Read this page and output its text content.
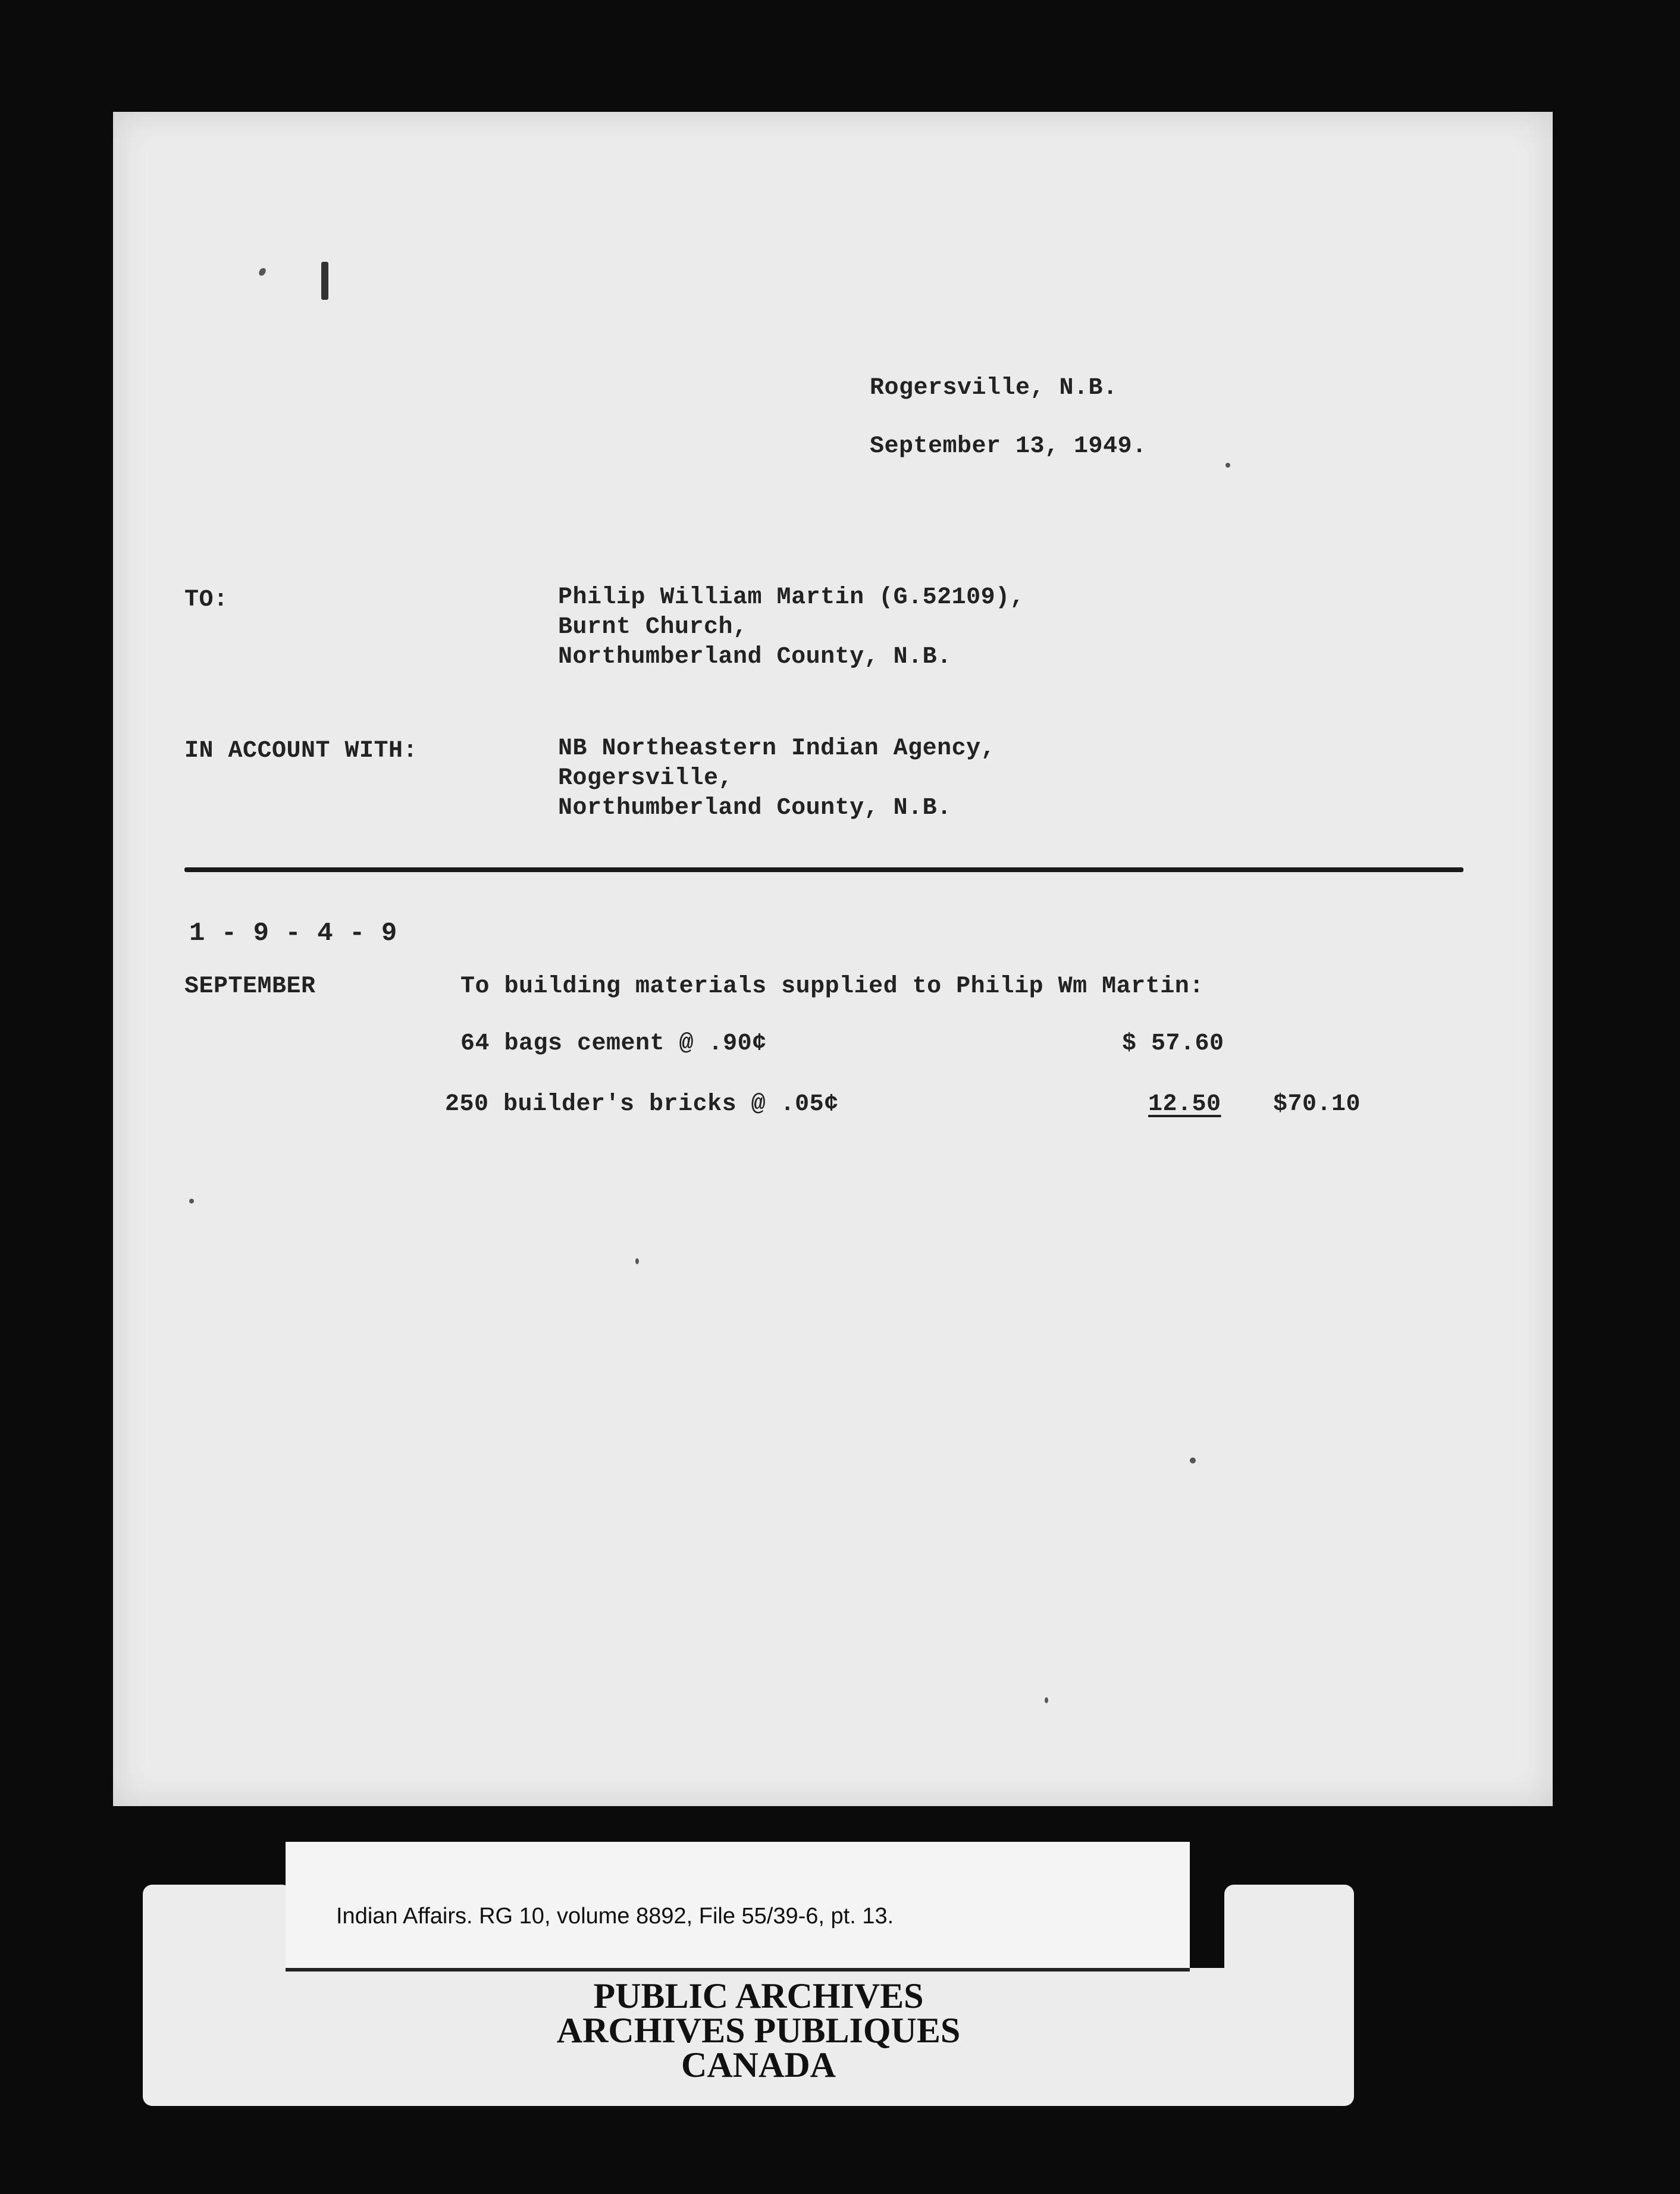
Rogersville, N.B.
September 13, 1949.
TO:	Philip William Martin (G.52109),
Burnt Church,
Northumberland County, N.B.
IN ACCOUNT WITH:	NB Northeastern Indian Agency,
Rogersville,
Northumberland County, N.B.
1 - 9 - 4 - 9
SEPTEMBER	To building materials supplied to Philip Wm Martin:
64 bags cement @ .90¢	$ 57.60
250 builder's bricks @ .05¢	12.50 $70.10
Indian Affairs. RG 10, volume 8892, File 55/39-6, pt. 13.
PUBLIC ARCHIVES
ARCHIVES PUBLIQUES
CANADA
